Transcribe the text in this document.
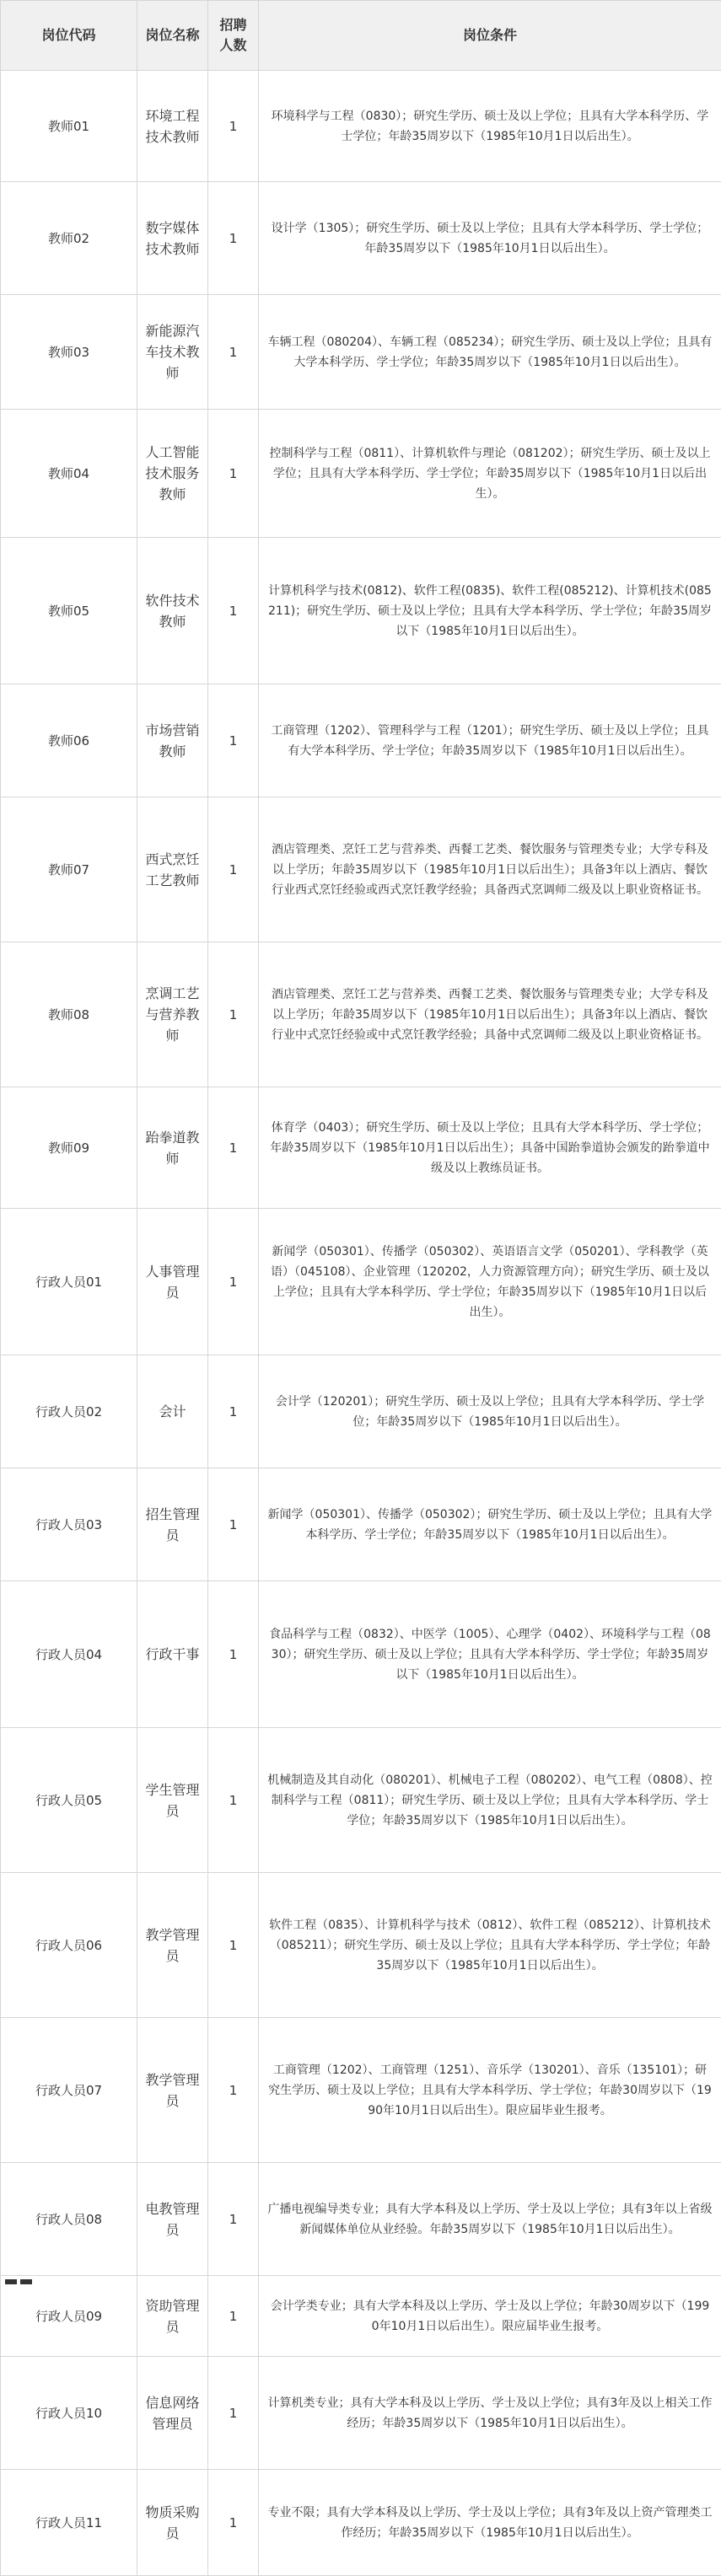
岗位代码	岗位名称	招聘人数	岗位条件
教师01	环境工程技术教师	1	环境科学与工程（0830）；研究生学历、硕士及以上学位；且具有大学本科学历、学士学位；年龄35周岁以下（1985年10月1日以后出生）。
教师02	数字媒体技术教师	1	设计学（1305）；研究生学历、硕士及以上学位；且具有大学本科学历、学士学位；年龄35周岁以下（1985年10月1日以后出生）。
教师03	新能源汽车技术教师	1	车辆工程（080204）、车辆工程（085234）；研究生学历、硕士及以上学位；且具有大学本科学历、学士学位；年龄35周岁以下（1985年10月1日以后出生）。
教师04	人工智能技术服务教师	1	控制科学与工程（0811）、计算机软件与理论（081202）；研究生学历、硕士及以上学位；且具有大学本科学历、学士学位；年龄35周岁以下（1985年10月1日以后出生）。
教师05	软件技术教师	1	计算机科学与技术(0812)、软件工程(0835)、软件工程(085212)、计算机技术(085211)；研究生学历、硕士及以上学位；且具有大学本科学历、学士学位；年龄35周岁以下（1985年10月1日以后出生）。
教师06	市场营销教师	1	工商管理（1202）、管理科学与工程（1201）；研究生学历、硕士及以上学位；且具有大学本科学历、学士学位；年龄35周岁以下（1985年10月1日以后出生）。
教师07	西式烹饪工艺教师	1	酒店管理类、烹饪工艺与营养类、西餐工艺类、餐饮服务与管理类专业；大学专科及以上学历；年龄35周岁以下（1985年10月1日以后出生）；具备3年以上酒店、餐饮行业西式烹饪经验或西式烹饪教学经验；具备西式烹调师二级及以上职业资格证书。
教师08	烹调工艺与营养教师	1	酒店管理类、烹饪工艺与营养类、西餐工艺类、餐饮服务与管理类专业；大学专科及以上学历；年龄35周岁以下（1985年10月1日以后出生）；具备3年以上酒店、餐饮行业中式烹饪经验或中式烹饪教学经验；具备中式烹调师二级及以上职业资格证书。
教师09	跆拳道教师	1	体育学（0403）；研究生学历、硕士及以上学位；且具有大学本科学历、学士学位；年龄35周岁以下（1985年10月1日以后出生）；具备中国跆拳道协会颁发的跆拳道中级及以上教练员证书。
行政人员01	人事管理员	1	新闻学（050301）、传播学（050302）、英语语言文学（050201）、学科教学（英语）（045108）、企业管理（120202，人力资源管理方向）；研究生学历、硕士及以上学位；且具有大学本科学历、学士学位；年龄35周岁以下（1985年10月1日以后出生）。
行政人员02	会计	1	会计学（120201）；研究生学历、硕士及以上学位；且具有大学本科学历、学士学位；年龄35周岁以下（1985年10月1日以后出生）。
行政人员03	招生管理员	1	新闻学（050301）、传播学（050302）；研究生学历、硕士及以上学位；且具有大学本科学历、学士学位；年龄35周岁以下（1985年10月1日以后出生）。
行政人员04	行政干事	1	食品科学与工程（0832）、中医学（1005）、心理学（0402）、环境科学与工程（0830）；研究生学历、硕士及以上学位；且具有大学本科学历、学士学位；年龄35周岁以下（1985年10月1日以后出生）。
行政人员05	学生管理员	1	机械制造及其自动化（080201）、机械电子工程（080202）、电气工程（0808）、控制科学与工程（0811）；研究生学历、硕士及以上学位；且具有大学本科学历、学士学位；年龄35周岁以下（1985年10月1日以后出生）。
行政人员06	教学管理员	1	软件工程（0835）、计算机科学与技术（0812）、软件工程（085212）、计算机技术（085211）；研究生学历、硕士及以上学位；且具有大学本科学历、学士学位；年龄35周岁以下（1985年10月1日以后出生）。
行政人员07	教学管理员	1	工商管理（1202）、工商管理（1251）、音乐学（130201）、音乐（135101）；研究生学历、硕士及以上学位；且具有大学本科学历、学士学位；年龄30周岁以下（1990年10月1日以后出生）。限应届毕业生报考。
行政人员08	电教管理员	1	广播电视编导类专业；具有大学本科及以上学历、学士及以上学位；具有3年以上省级新闻媒体单位从业经验。年龄35周岁以下（1985年10月1日以后出生）。
行政人员09	资助管理员	1	会计学类专业；具有大学本科及以上学历、学士及以上学位；年龄30周岁以下（1990年10月1日以后出生）。限应届毕业生报考。
行政人员10	信息网络管理员	1	计算机类专业；具有大学本科及以上学历、学士及以上学位；具有3年及以上相关工作经历；年龄35周岁以下（1985年10月1日以后出生）。
行政人员11	物质采购员	1	专业不限；具有大学本科及以上学历、学士及以上学位；具有3年及以上资产管理类工作经历；年龄35周岁以下（1985年10月1日以后出生）。
